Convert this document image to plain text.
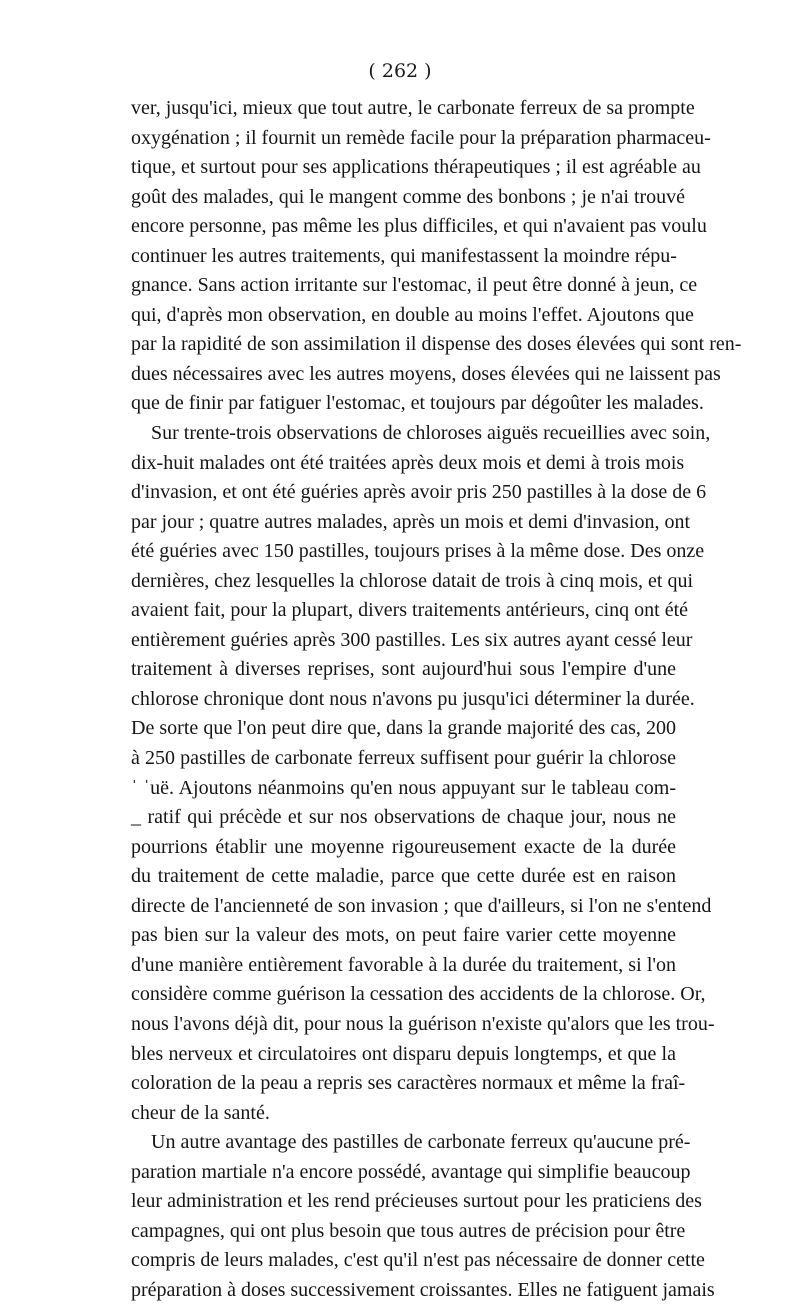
( 262 )
ver, jusqu'ici, mieux que tout autre, le carbonate ferreux de sa prompte
oxygénation ; il fournit un remède facile pour la préparation pharmaceu-
tique, et surtout pour ses applications thérapeutiques ; il est agréable au
goût des malades, qui le mangent comme des bonbons ; je n'ai trouvé
encore personne, pas même les plus difficiles, et qui n'avaient pas voulu
continuer les autres traitements, qui manifestassent la moindre répu-
gnance. Sans action irritante sur l'estomac, il peut être donné à jeun, ce
qui, d'après mon observation, en double au moins l'effet. Ajoutons que
par la rapidité de son assimilation il dispense des doses élevées qui sont ren-
dues nécessaires avec les autres moyens, doses élevées qui ne laissent pas
que de finir par fatiguer l'estomac, et toujours par dégoûter les malades.
Sur trente-trois observations de chloroses aiguës recueillies avec soin,
dix-huit malades ont été traitées après deux mois et demi à trois mois
d'invasion, et ont été guéries après avoir pris 250 pastilles à la dose de 6
par jour ; quatre autres malades, après un mois et demi d'invasion, ont
été guéries avec 150 pastilles, toujours prises à la même dose. Des onze
dernières, chez lesquelles la chlorose datait de trois à cinq mois, et qui
avaient fait, pour la plupart, divers traitements antérieurs, cinq ont été
entièrement guéries après 300 pastilles. Les six autres ayant cessé leur
traitement à diverses reprises, sont aujourd'hui sous l'empire d'une
chlorose chronique dont nous n'avons pu jusqu'ici déterminer la durée.
De sorte que l'on peut dire que, dans la grande majorité des cas, 200
à 250 pastilles de carbonate ferreux suffisent pour guérir la chlorose
ˈ ˈuë. Ajoutons néanmoins qu'en nous appuyant sur le tableau com-
_ ratif qui précède et sur nos observations de chaque jour, nous ne
pourrions établir une moyenne rigoureusement exacte de la durée
du traitement de cette maladie, parce que cette durée est en raison
directe de l'ancienneté de son invasion ; que d'ailleurs, si l'on ne s'entend
pas bien sur la valeur des mots, on peut faire varier cette moyenne
d'une manière entièrement favorable à la durée du traitement, si l'on
considère comme guérison la cessation des accidents de la chlorose. Or,
nous l'avons déjà dit, pour nous la guérison n'existe qu'alors que les trou-
bles nerveux et circulatoires ont disparu depuis longtemps, et que la
coloration de la peau a repris ses caractères normaux et même la fraî-
cheur de la santé.
Un autre avantage des pastilles de carbonate ferreux qu'aucune pré-
paration martiale n'a encore possédé, avantage qui simplifie beaucoup
leur administration et les rend précieuses surtout pour les praticiens des
campagnes, qui ont plus besoin que tous autres de précision pour être
compris de leurs malades, c'est qu'il n'est pas nécessaire de donner cette
préparation à doses successivement croissantes. Elles ne fatiguent jamais
